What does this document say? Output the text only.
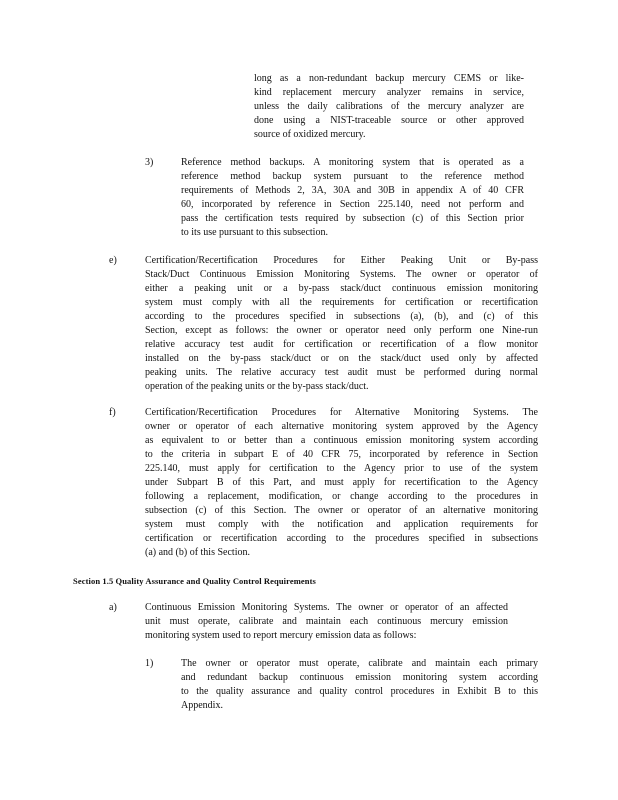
long as a non-redundant backup mercury CEMS or like-
kind replacement mercury analyzer remains in service,
unless the daily calibrations of the mercury analyzer are
done using a NIST-traceable source or other approved
source of oxidized mercury.
3)	Reference method backups. A monitoring system that is operated as a
reference method backup system pursuant to the reference method
requirements of Methods 2, 3A, 30A and 30B in appendix A of 40 CFR
60, incorporated by reference in Section 225.140, need not perform and
pass the certification tests required by subsection (c) of this Section prior
to its use pursuant to this subsection.
e)	Certification/Recertification Procedures for Either Peaking Unit or By-pass
Stack/Duct Continuous Emission Monitoring Systems. The owner or operator of
either a peaking unit or a by-pass stack/duct continuous emission monitoring
system must comply with all the requirements for certification or recertification
according to the procedures specified in subsections (a), (b), and (c) of this
Section, except as follows: the owner or operator need only perform one Nine-run
relative accuracy test audit for certification or recertification of a flow monitor
installed on the by-pass stack/duct or on the stack/duct used only by affected
peaking units. The relative accuracy test audit must be performed during normal
operation of the peaking units or the by-pass stack/duct.
f)	Certification/Recertification Procedures for Alternative Monitoring Systems. The
owner or operator of each alternative monitoring system approved by the Agency
as equivalent to or better than a continuous emission monitoring system according
to the criteria in subpart E of 40 CFR 75, incorporated by reference in Section
225.140, must apply for certification to the Agency prior to use of the system
under Subpart B of this Part, and must apply for recertification to the Agency
following a replacement, modification, or change according to the procedures in
subsection (c) of this Section. The owner or operator of an alternative monitoring
system must comply with the notification and application requirements for
certification or recertification according to the procedures specified in subsections
(a) and (b) of this Section.
Section 1.5 Quality Assurance and Quality Control Requirements
a)	Continuous Emission Monitoring Systems. The owner or operator of an affected
unit must operate, calibrate and maintain each continuous mercury emission
monitoring system used to report mercury emission data as follows:
1)	The owner or operator must operate, calibrate and maintain each primary
and redundant backup continuous emission monitoring system according
to the quality assurance and quality control procedures in Exhibit B to this
Appendix.
